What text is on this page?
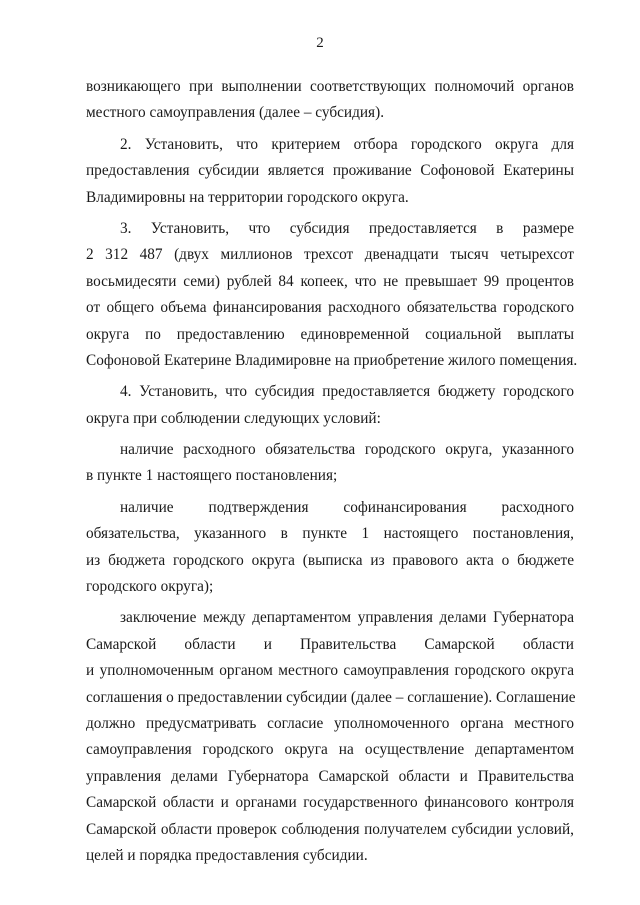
2
возникающего при выполнении соответствующих полномочий органов
местного самоуправления (далее – субсидия).
2. Установить, что критерием отбора городского округа для
предоставления субсидии является проживание Софоновой Екатерины
Владимировны на территории городского округа.
3. Установить, что субсидия предоставляется в размере
2 312 487 (двух миллионов трехсот двенадцати тысяч четырехсот
восьмидесяти семи) рублей 84 копеек, что не превышает 99 процентов
от общего объема финансирования расходного обязательства городского
округа по предоставлению единовременной социальной выплаты
Софоновой Екатерине Владимировне на приобретение жилого помещения.
4. Установить, что субсидия предоставляется бюджету городского
округа при соблюдении следующих условий:
наличие расходного обязательства городского округа, указанного
в пункте 1 настоящего постановления;
наличие подтверждения софинансирования расходного
обязательства, указанного в пункте 1 настоящего постановления,
из бюджета городского округа (выписка из правового акта о бюджете
городского округа);
заключение между департаментом управления делами Губернатора
Самарской области и Правительства Самарской области
и уполномоченным органом местного самоуправления городского округа
соглашения о предоставлении субсидии (далее – соглашение). Соглашение
должно предусматривать согласие уполномоченного органа местного
самоуправления городского округа на осуществление департаментом
управления делами Губернатора Самарской области и Правительства
Самарской области и органами государственного финансового контроля
Самарской области проверок соблюдения получателем субсидии условий,
целей и порядка предоставления субсидии.
